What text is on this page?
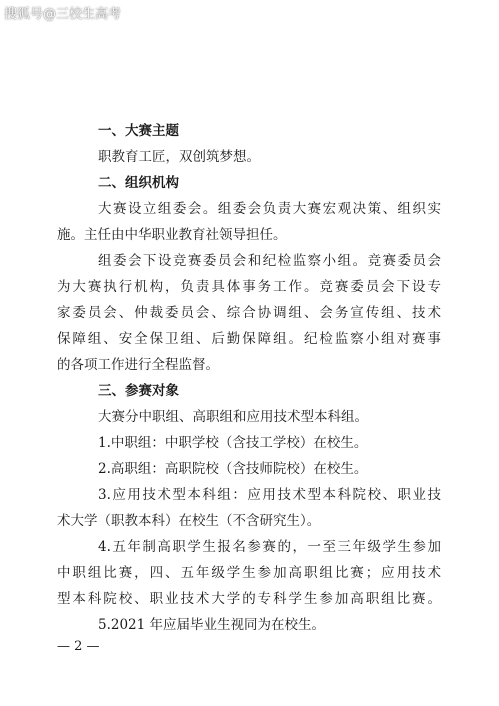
搜狐号@三校生高考
一、大赛主题
职教育工匠，双创筑梦想。
二、组织机构
大赛设立组委会。组委会负责大赛宏观决策、组织实
施。主任由中华职业教育社领导担任。
组委会下设竞赛委员会和纪检监察小组。竞赛委员会
为大赛执行机构，负责具体事务工作。竞赛委员会下设专
家委员会、仲裁委员会、综合协调组、会务宣传组、技术
保障组、安全保卫组、后勤保障组。纪检监察小组对赛事
的各项工作进行全程监督。
三、参赛对象
大赛分中职组、高职组和应用技术型本科组。
1.中职组：中职学校（含技工学校）在校生。
2.高职组：高职院校（含技师院校）在校生。
3.应用技术型本科组：应用技术型本科院校、职业技
术大学（职教本科）在校生（不含研究生）。
4.五年制高职学生报名参赛的，一至三年级学生参加
中职组比赛，四、五年级学生参加高职组比赛；应用技术
型本科院校、职业技术大学的专科学生参加高职组比赛。
5.2021 年应届毕业生视同为在校生。
— 2 —
